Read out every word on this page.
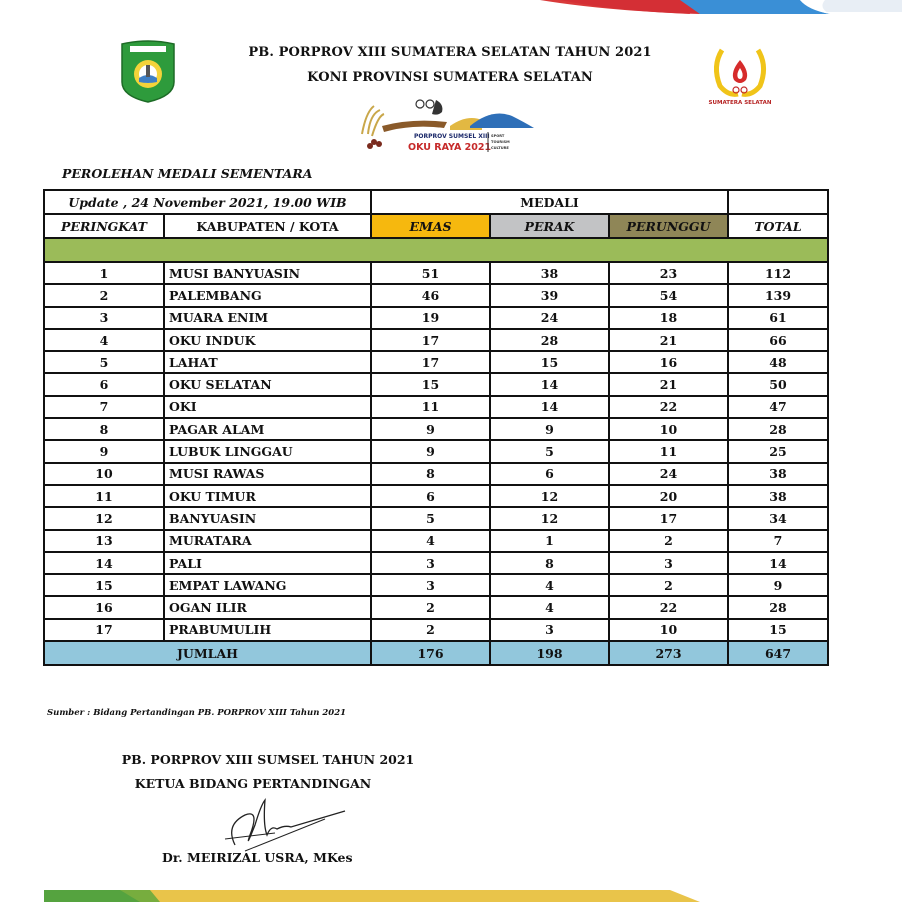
SUMATERA SELATAN
PORPROV SUMSEL XIII
OKU RAYA 2021
SPORT
TOURISM
CULTURE
PB. PORPROV XIII SUMATERA SELATAN TAHUN 2021
KONI PROVINSI SUMATERA SELATAN
PEROLEHAN MEDALI SEMENTARA
Update , 24 November 2021, 19.00 WIB		MEDALI			
PERINGKAT	KABUPATEN / KOTA	EMAS	PERAK	PERUNGGU	TOTAL

1	MUSI BANYUASIN	51	38	23	112
2	PALEMBANG	46	39	54	139
3	MUARA ENIM	19	24	18	61
4	OKU INDUK	17	28	21	66
5	LAHAT	17	15	16	48
6	OKU SELATAN	15	14	21	50
7	OKI	11	14	22	47
8	PAGAR ALAM	9	9	10	28
9	LUBUK LINGGAU	9	5	11	25
10	MUSI RAWAS	8	6	24	38
11	OKU TIMUR	6	12	20	38
12	BANYUASIN	5	12	17	34
13	MURATARA	4	1	2	7
14	PALI	3	8	3	14
15	EMPAT LAWANG	3	4	2	9
16	OGAN ILIR	2	4	22	28
17	PRABUMULIH	2	3	10	15
JUMLAH		176	198	273	647
Sumber : Bidang Pertandingan PB. PORPROV XIII Tahun 2021
PB. PORPROV XIII SUMSEL TAHUN 2021
KETUA BIDANG PERTANDINGAN
Dr. MEIRIZAL USRA, MKes
